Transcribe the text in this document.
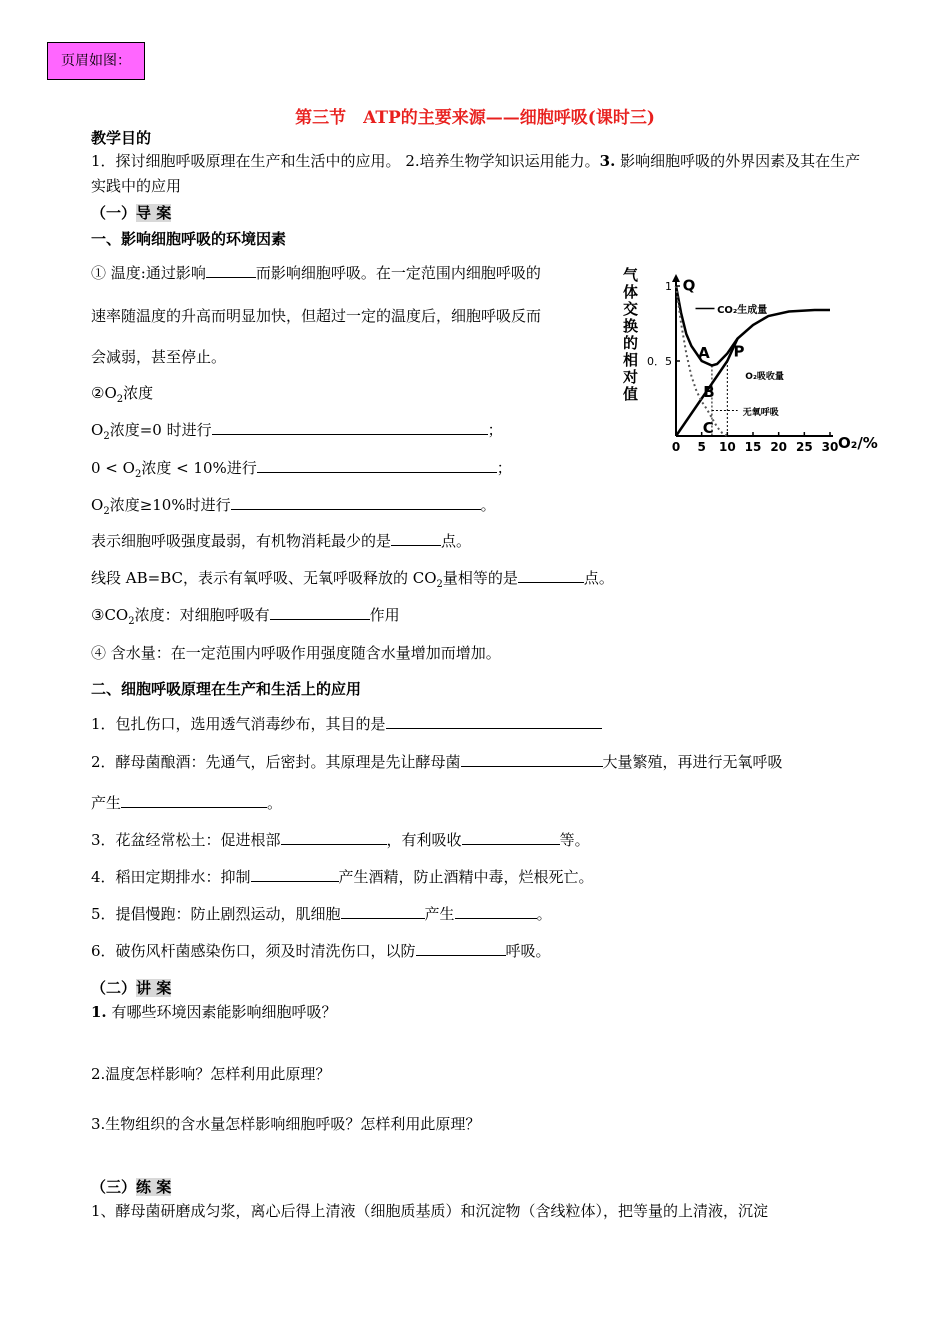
页眉如图：
第三节　ATP的主要来源——细胞呼吸(课时三)
教学目的
1．探讨细胞呼吸原理在生产和生活中的应用。 2.培养生物学知识运用能力。3. 影响细胞呼吸的外界因素及其在生产实践中的应用
（一）导 案
一、影响细胞呼吸的环境因素
① 温度:通过影响	而影响细胞呼吸。在一定范围内细胞呼吸的
速率随温度的升高而明显加快，但超过一定的温度后，细胞呼吸反而
会减弱，甚至停止。
$②O_2$浓度
$O_2$浓度=0 时进行	；
$0 < O_2$浓度 < 10%进行	；
$O_2$浓度≥10%时进行	。
表示细胞呼吸强度最弱，有机物消耗最少的是	点。
线段 AB=BC，表示有氧呼吸、无氧呼吸释放的 $CO_2$量相等的是	点。
$③CO_2$浓度：对细胞呼吸有	作用
④ 含水量：在一定范围内呼吸作用强度随含水量增加而增加。
二、细胞呼吸原理在生产和生活上的应用
1．包扎伤口，选用透气消毒纱布，其目的是
2．酵母菌酿酒：先通气，后密封。其原理是先让酵母菌	大量繁殖，再进行无氧呼吸
产生	。
3．花盆经常松土：促进根部	，有利吸收	等。
4．稻田定期排水：抑制	产生酒精，防止酒精中毒，烂根死亡。
5．提倡慢跑：防止剧烈运动，肌细胞	产生	。
6．破伤风杆菌感染伤口，须及时清洗伤口，以防	呼吸。
（二）讲 案
1. 有哪些环境因素能影响细胞呼吸？
2.温度怎样影响？怎样利用此原理？
3.生物组织的含水量怎样影响细胞呼吸？怎样利用此原理？
（三）练 案
1、酵母菌研磨成匀浆，离心后得上清液（细胞质基质）和沉淀物（含线粒体），把等量的上清液，沉淀
气
体
交
换
的
相
对
值
0 5 10 15 20 25 30
1
0．5
Q
A P
B
C
CO₂生成量
O₂吸收量
无氧呼吸
O₂/%
